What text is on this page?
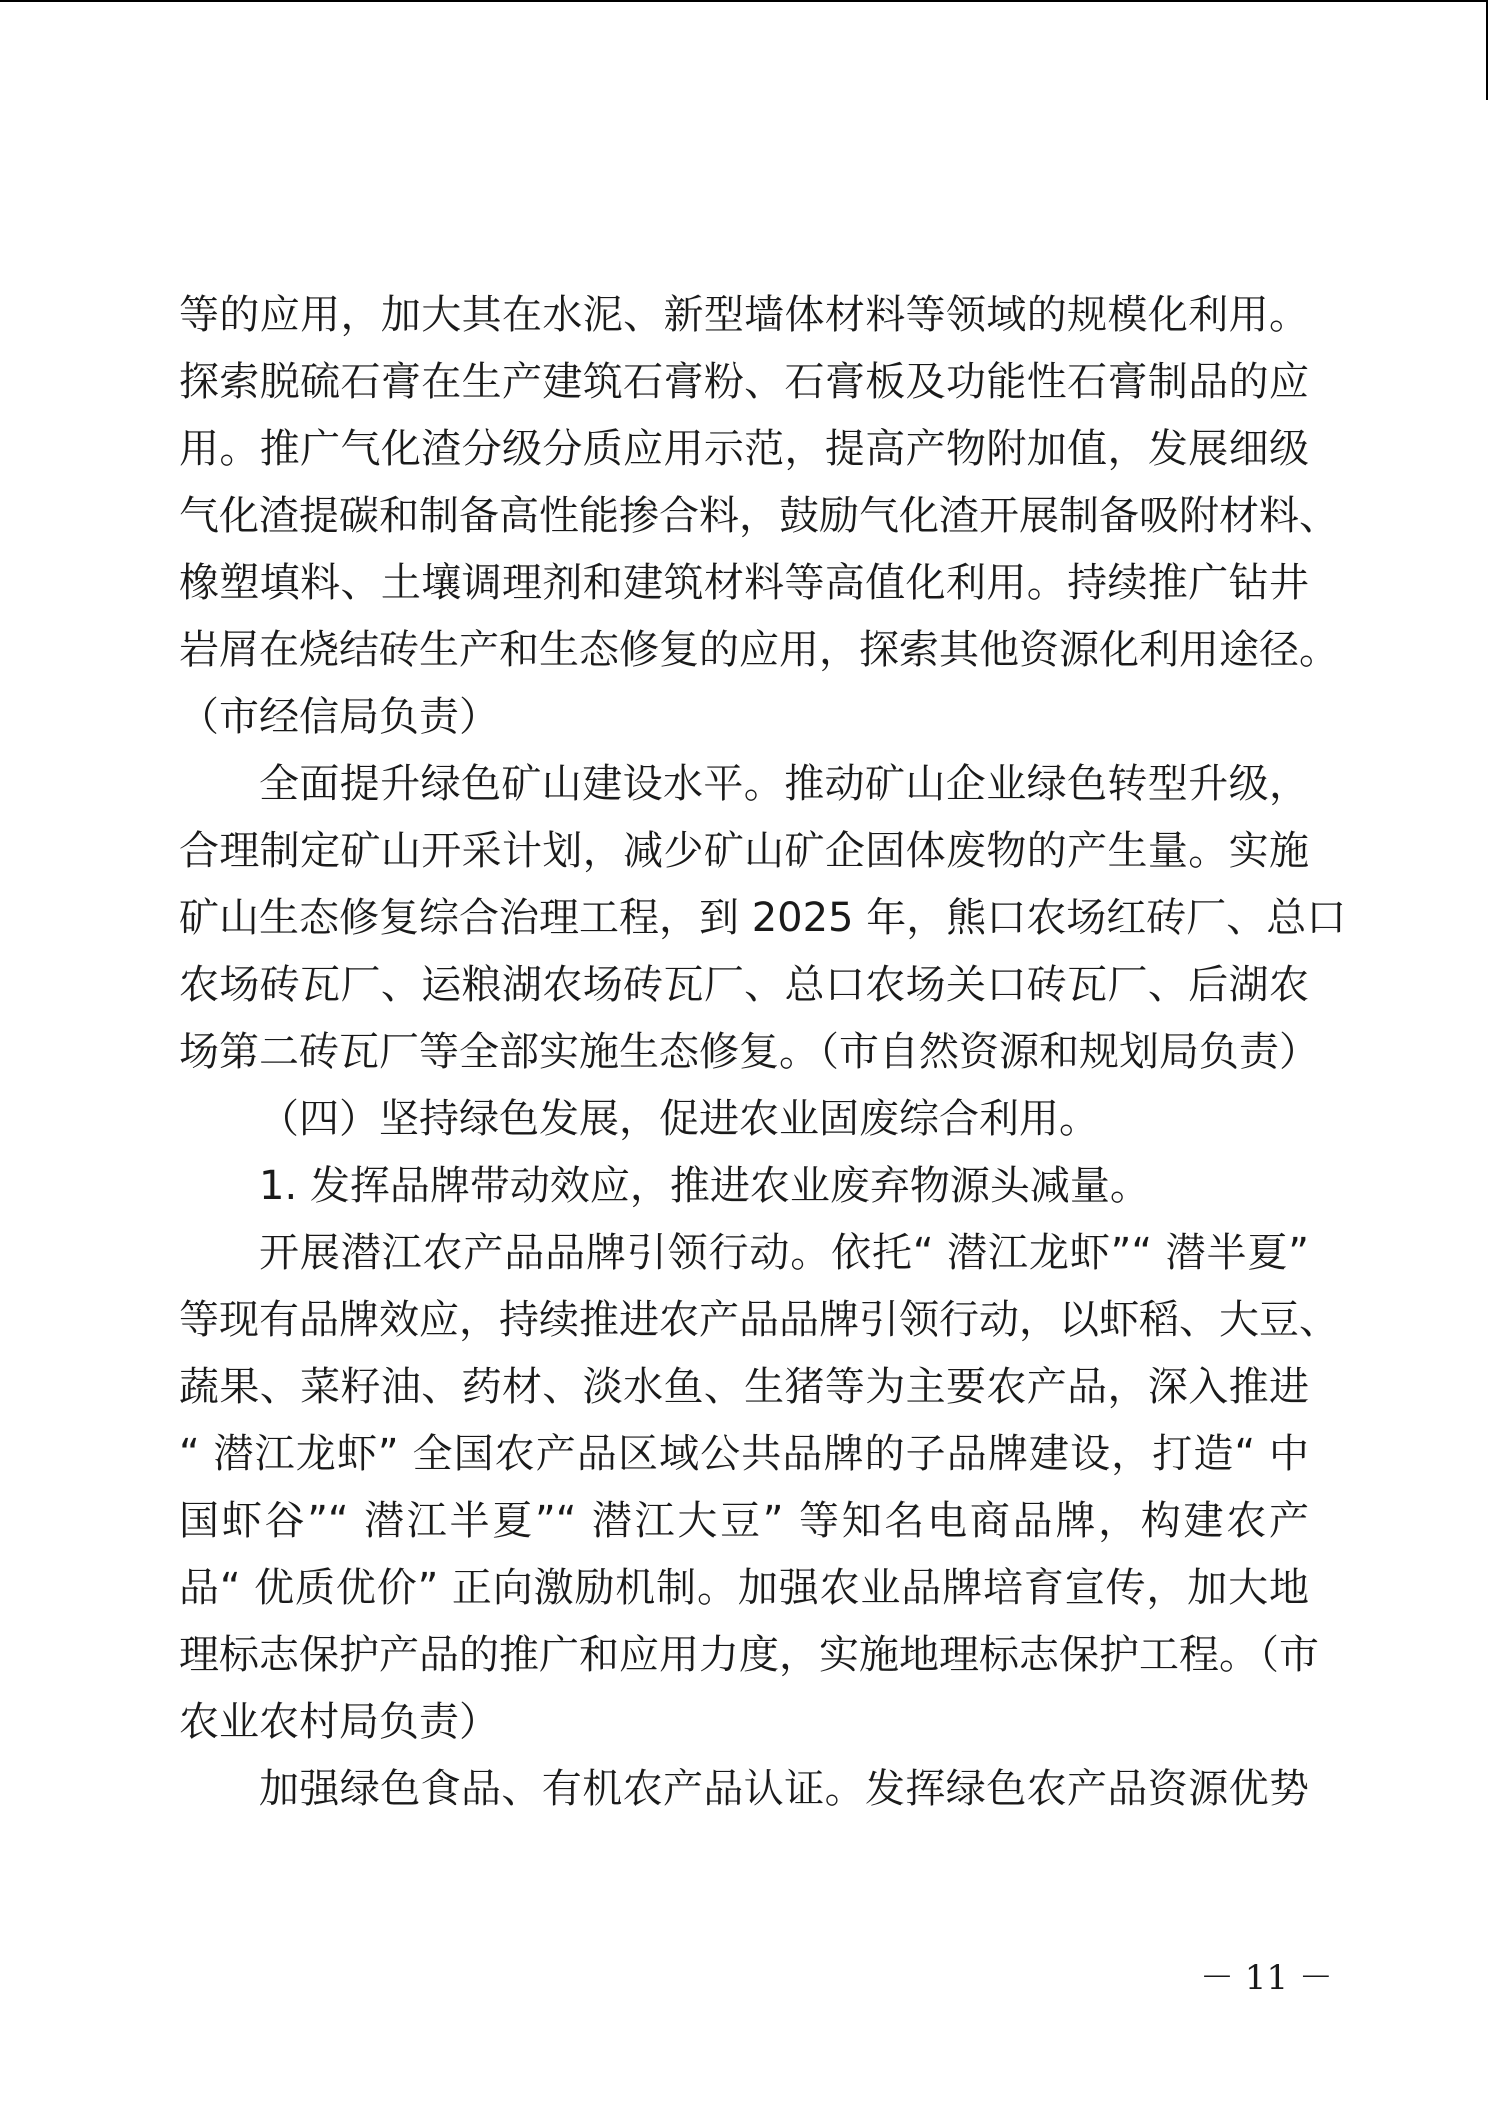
等的应用，加大其在水泥、新型墙体材料等领域的规模化利用。
探索脱硫石膏在生产建筑石膏粉、石膏板及功能性石膏制品的应
用。推广气化渣分级分质应用示范，提高产物附加值，发展细级
气化渣提碳和制备高性能掺合料，鼓励气化渣开展制备吸附材料、
橡塑填料、土壤调理剂和建筑材料等高值化利用。持续推广钻井
岩屑在烧结砖生产和生态修复的应用，探索其他资源化利用途径。
（市经信局负责）
全面提升绿色矿山建设水平。推动矿山企业绿色转型升级，
合理制定矿山开采计划，减少矿山矿企固体废物的产生量。实施
矿山生态修复综合治理工程，到 2025 年，熊口农场红砖厂、总口
农场砖瓦厂、运粮湖农场砖瓦厂、总口农场关口砖瓦厂、后湖农
场第二砖瓦厂等全部实施生态修复。（市自然资源和规划局负责）
（四）坚持绿色发展，促进农业固废综合利用。
1. 发挥品牌带动效应，推进农业废弃物源头减量。
开展潜江农产品品牌引领行动。依托“ 潜江龙虾”“ 潜半夏”
等现有品牌效应，持续推进农产品品牌引领行动，以虾稻、大豆、
蔬果、菜籽油、药材、淡水鱼、生猪等为主要农产品，深入推进
“ 潜江龙虾” 全国农产品区域公共品牌的子品牌建设，打造“ 中
国虾谷”“ 潜江半夏”“ 潜江大豆” 等知名电商品牌，构建农产
品“ 优质优价” 正向激励机制。加强农业品牌培育宣传，加大地
理标志保护产品的推广和应用力度，实施地理标志保护工程。（市
农业农村局负责）
加强绿色食品、有机农产品认证。发挥绿色农产品资源优势
－ 11 －
